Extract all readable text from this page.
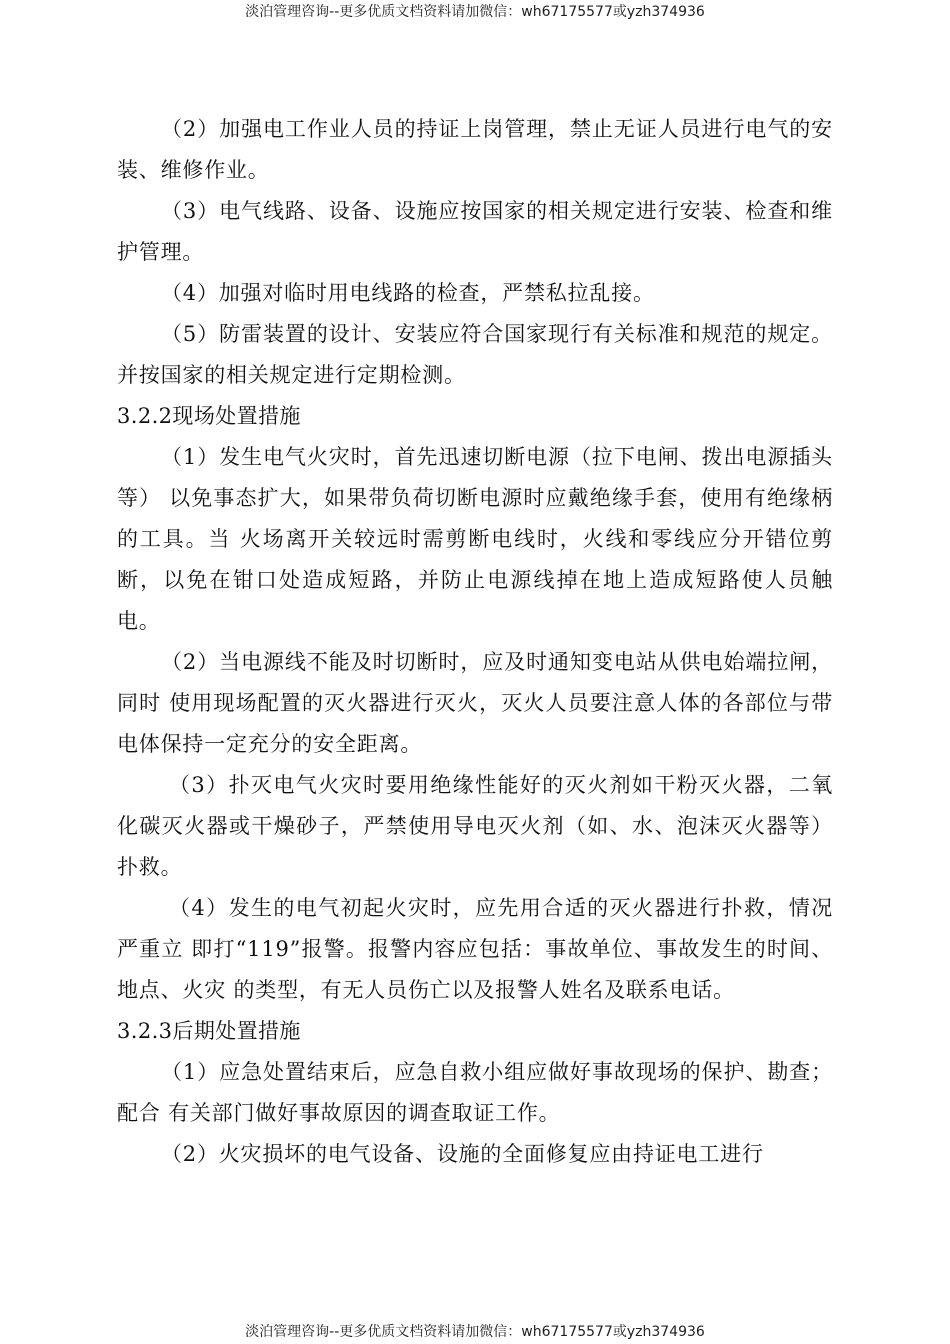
淡泊管理咨询--更多优质文档资料请加微信：wh67175577或yzh374936

（2）加强电工作业人员的持证上岗管理，禁止无证人员进行电气的安装、维修作业。

（3）电气线路、设备、设施应按国家的相关规定进行安装、检查和维护管理。

（4）加强对临时用电线路的检查，严禁私拉乱接。

（5）防雷装置的设计、安装应符合国家现行有关标准和规范的规定。并按国家的相关规定进行定期检测。

3.2.2现场处置措施

（1）发生电气火灾时，首先迅速切断电源（拉下电闸、拨出电源插头等） 以免事态扩大，如果带负荷切断电源时应戴绝缘手套，使用有绝缘柄的工具。当 火场离开关较远时需剪断电线时，火线和零线应分开错位剪断，以免在钳口处造成短路，并防止电源线掉在地上造成短路使人员触电。

（2）当电源线不能及时切断时，应及时通知变电站从供电始端拉闸，同时 使用现场配置的灭火器进行灭火，灭火人员要注意人体的各部位与带电体保持一定充分的安全距离。

（3）扑灭电气火灾时要用绝缘性能好的灭火剂如干粉灭火器，二氧化碳灭火器或干燥砂子，严禁使用导电灭火剂（如、水、泡沫灭火器等）扑救。

（4）发生的电气初起火灾时，应先用合适的灭火器进行扑救，情况严重立 即打“119”报警。报警内容应包括：事故单位、事故发生的时间、地点、火灾 的类型，有无人员伤亡以及报警人姓名及联系电话。

3.2.3后期处置措施

（1）应急处置结束后，应急自救小组应做好事故现场的保护、勘查；配合 有关部门做好事故原因的调查取证工作。

（2）火灾损坏的电气设备、设施的全面修复应由持证电工进行

淡泊管理咨询--更多优质文档资料请加微信：wh67175577或yzh374936
